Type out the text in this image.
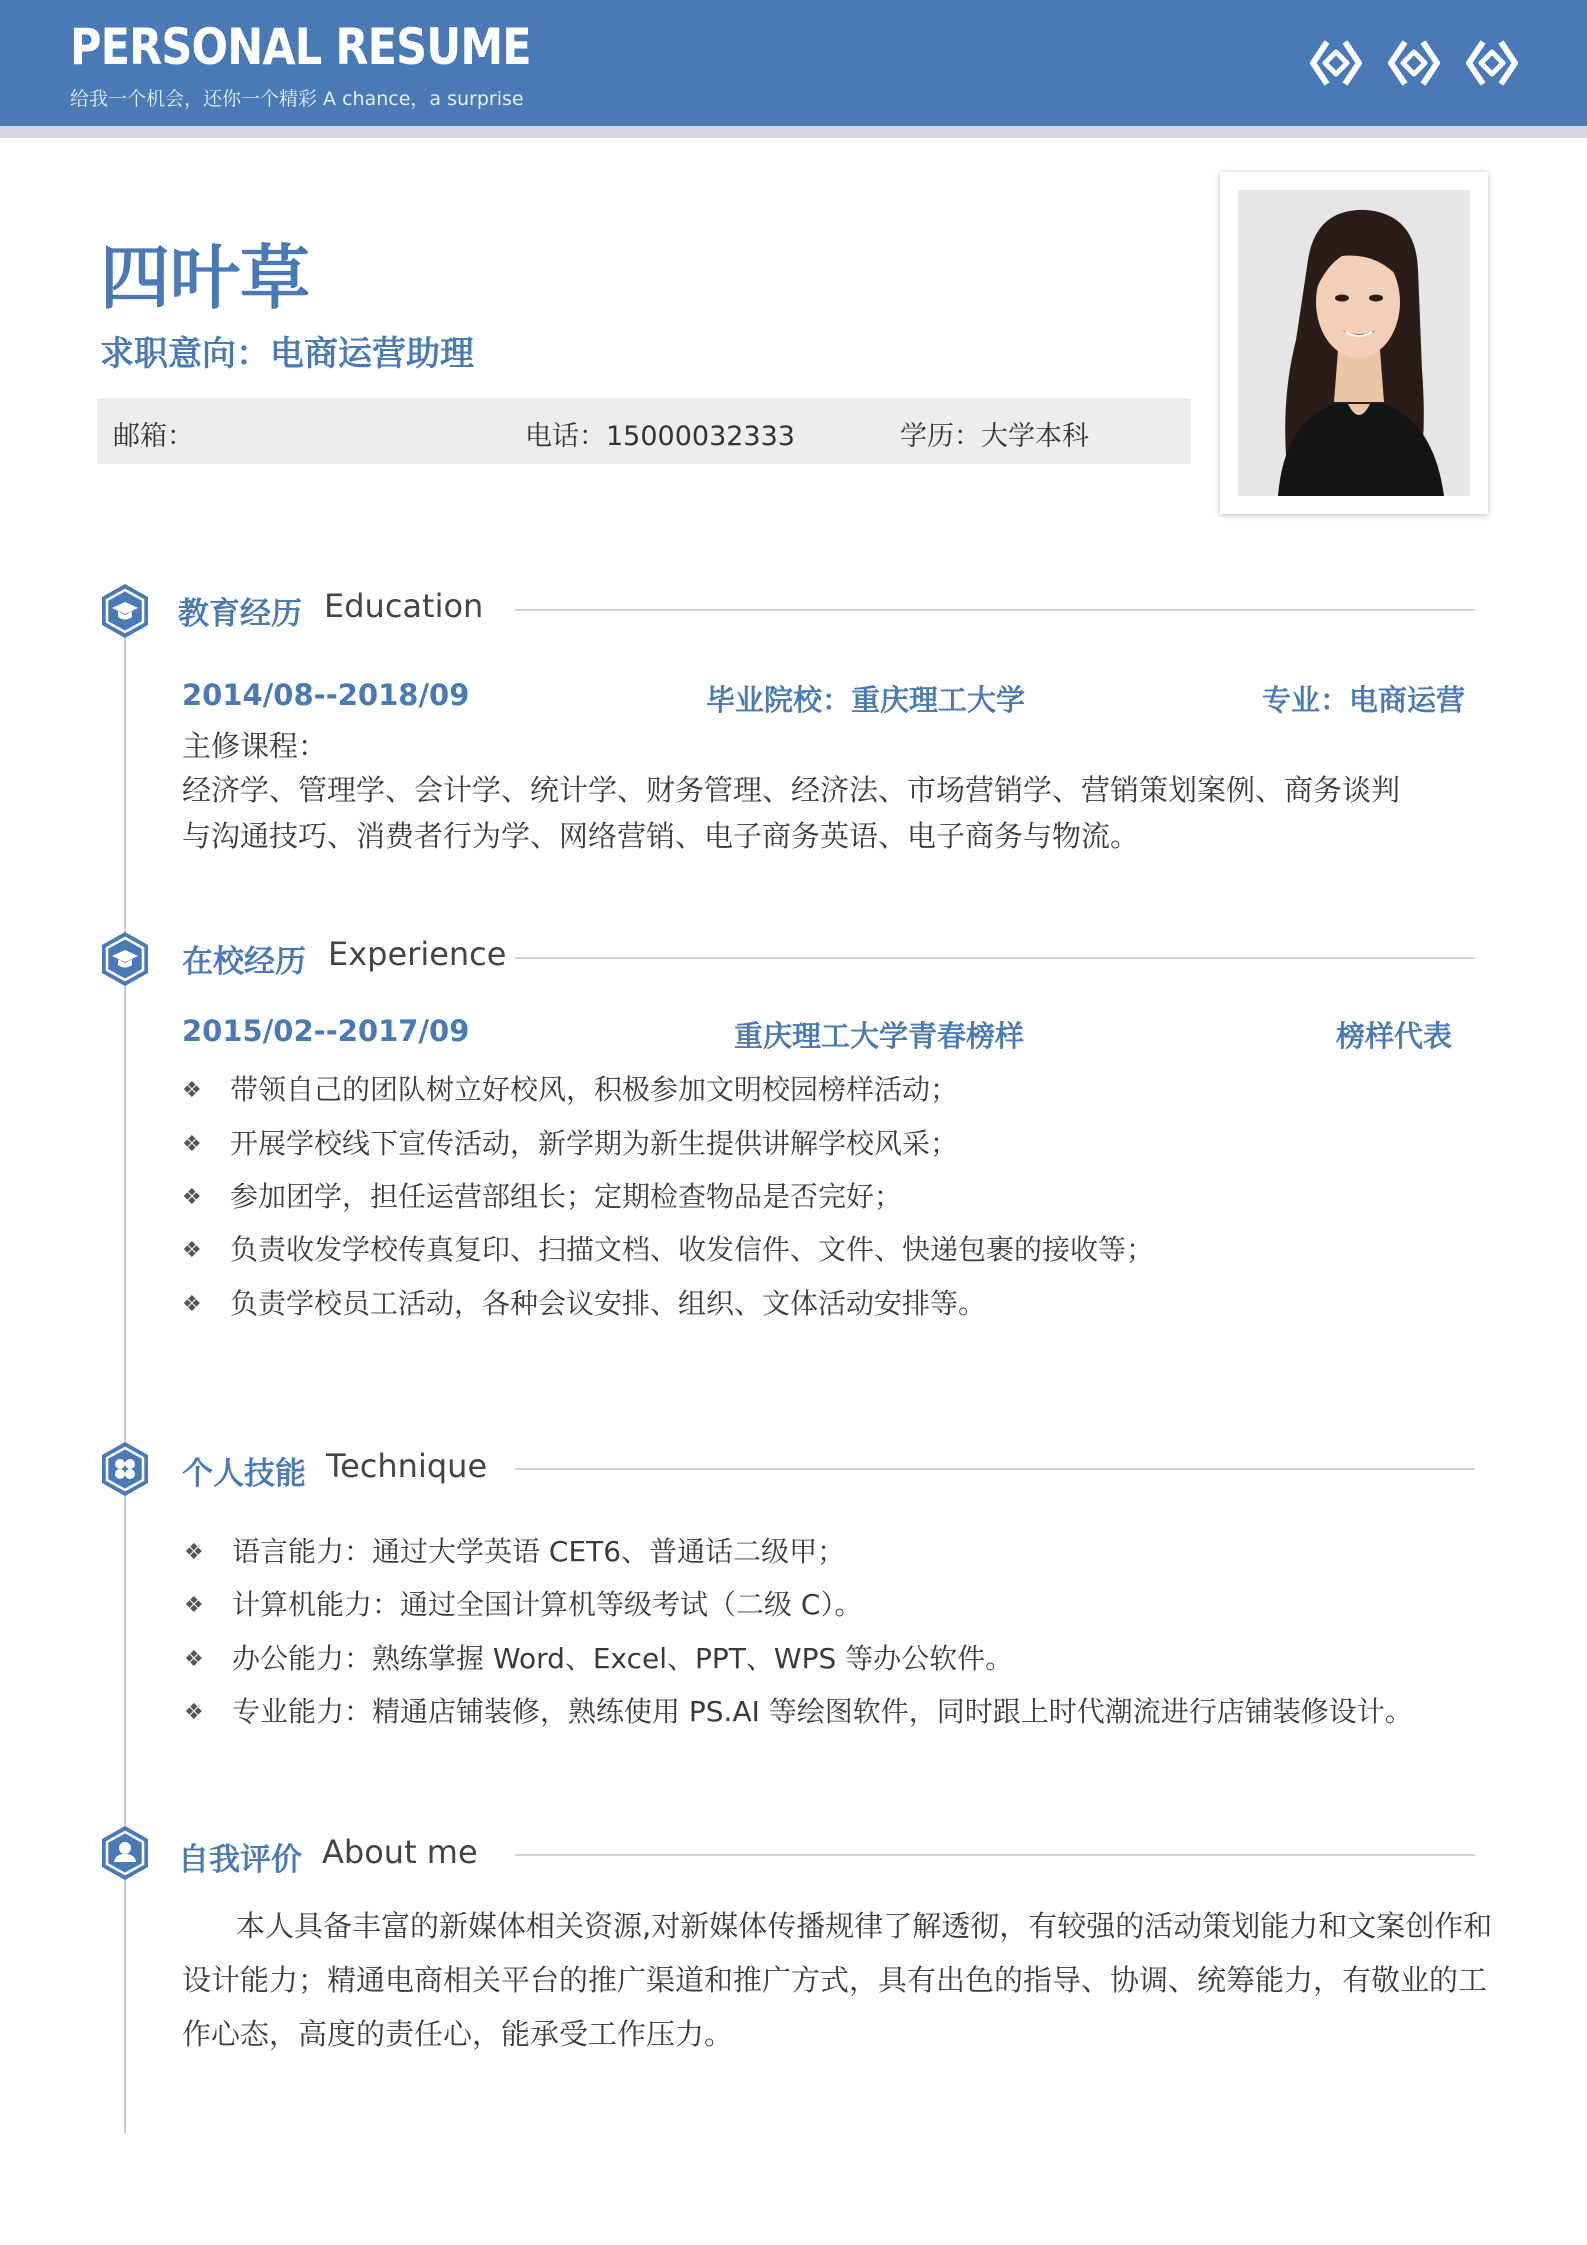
PERSONAL RESUME
给我一个机会，还你一个精彩 A chance，a surprise
四叶草
求职意向：电商运营助理
邮箱：	电话：15000032333	学历：大学本科
教育经历 Education
2014/08--2018/09	毕业院校：重庆理工大学	专业：电商运营
主修课程：
经济学、管理学、会计学、统计学、财务管理、经济法、市场营销学、营销策划案例、商务谈判
与沟通技巧、消费者行为学、网络营销、电子商务英语、电子商务与物流。
在校经历 Experience
2015/02--2017/09	重庆理工大学青春榜样	榜样代表
❖ 带领自己的团队树立好校风，积极参加文明校园榜样活动；
❖ 开展学校线下宣传活动，新学期为新生提供讲解学校风采；
❖ 参加团学，担任运营部组长；定期检查物品是否完好；
❖ 负责收发学校传真复印、扫描文档、收发信件、文件、快递包裹的接收等；
❖ 负责学校员工活动，各种会议安排、组织、文体活动安排等。
个人技能 Technique
❖ 语言能力：通过大学英语 CET6、普通话二级甲；
❖ 计算机能力：通过全国计算机等级考试（二级 C）。
❖ 办公能力：熟练掌握 Word、Excel、PPT、WPS 等办公软件。
❖ 专业能力：精通店铺装修，熟练使用 PS.AI 等绘图软件，同时跟上时代潮流进行店铺装修设计。
自我评价 About me
本人具备丰富的新媒体相关资源,对新媒体传播规律了解透彻，有较强的活动策划能力和文案创作和
设计能力；精通电商相关平台的推广渠道和推广方式，具有出色的指导、协调、统筹能力，有敬业的工
作心态，高度的责任心，能承受工作压力。
